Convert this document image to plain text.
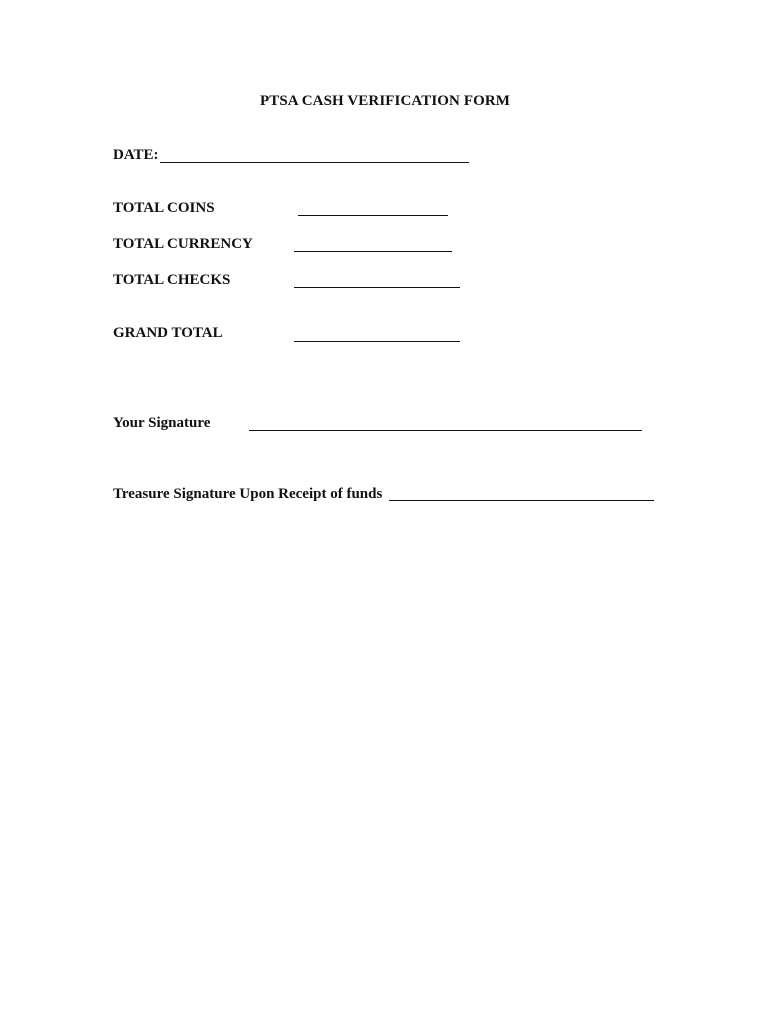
PTSA CASH VERIFICATION FORM
DATE:
TOTAL COINS
TOTAL CURRENCY
TOTAL CHECKS
GRAND TOTAL
Your Signature
Treasure Signature Upon Receipt of funds
